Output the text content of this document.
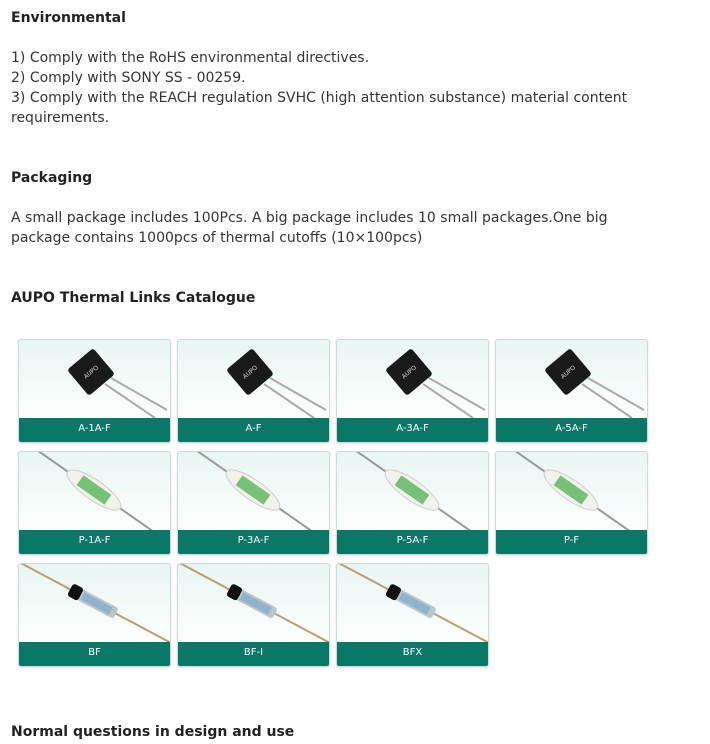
Environmental
1) Comply with the RoHS environmental directives.
2) Comply with SONY SS - 00259.
3) Comply with the REACH regulation SVHC (high attention substance) material content requirements.
Packaging

A small package includes 100Pcs. A big package includes 10 small packages.One big package contains 1000pcs of thermal cutoffs (10×100pcs)

AUPO Thermal Links Catalogue
AUPO
A-1A-F
AUPO
A-F
AUPO
A-3A-F
AUPO
A-5A-F
P-1A-F	P-3A-F	P-5A-F	P-F
BF	BF-I	BFX
Normal questions in design and use
